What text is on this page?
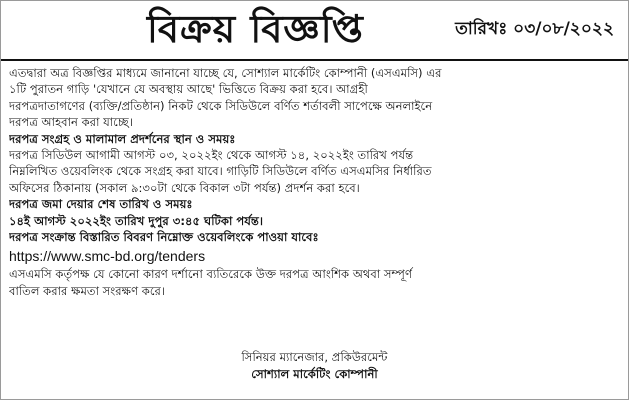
বিক্রয় বিজ্ঞপ্তি	তারিখঃ ০৩/০৮/২০২২
এতদ্বারা অত্র বিজ্ঞপ্তির মাধ্যমে জানানো যাচ্ছে যে, সোশ্যাল মার্কেটিং কোম্পানী (এসএমসি) এর
১টি পুরাতন গাড়ি 'যেখানে যে অবস্থায় আছে' ভিত্তিতে বিক্রয় করা হবে। আগ্রহী
দরপত্রদাতাগণের (ব্যক্তি/প্রতিষ্ঠান) নিকট থেকে সিডিউলে বর্ণিত শর্তাবলী সাপেক্ষে অনলাইনে
দরপত্র আহবান করা যাচ্ছে।
দরপত্র সংগ্রহ ও মালামাল প্রদর্শনের স্থান ও সময়ঃ
দরপত্র সিডিউল আগামী আগস্ট ০৩, ২০২২ইং থেকে আগস্ট ১৪, ২০২২ইং তারিখ পর্যন্ত
নিম্নলিখিত ওয়েবলিংক থেকে সংগ্রহ করা যাবে। গাড়িটি সিডিউলে বর্ণিত এসএমসির নির্ধারিত
অফিসের ঠিকানায় (সকাল ৯:৩০টা থেকে বিকাল ৩টা পর্যন্ত) প্রদর্শন করা হবে।
দরপত্র জমা দেয়ার শেষ তারিখ ও সময়ঃ
১৪ই আগস্ট ২০২২ইং তারিখ দুপুর ৩:৪৫ ঘটিকা পর্যন্ত।
দরপত্র সংক্রান্ত বিস্তারিত বিবরণ নিম্নোক্ত ওয়েবলিংকে পাওয়া যাবেঃ
https://www.smc-bd.org/tenders
এসএমসি কর্তৃপক্ষ যে কোনো কারণ দর্শানো ব্যতিরেকে উক্ত দরপত্র আংশিক অথবা সম্পূর্ণ
বাতিল করার ক্ষমতা সংরক্ষণ করে।
সিনিয়র ম্যানেজার, প্রকিউরমেন্ট
সোশ্যাল মার্কেটিং কোম্পানী
